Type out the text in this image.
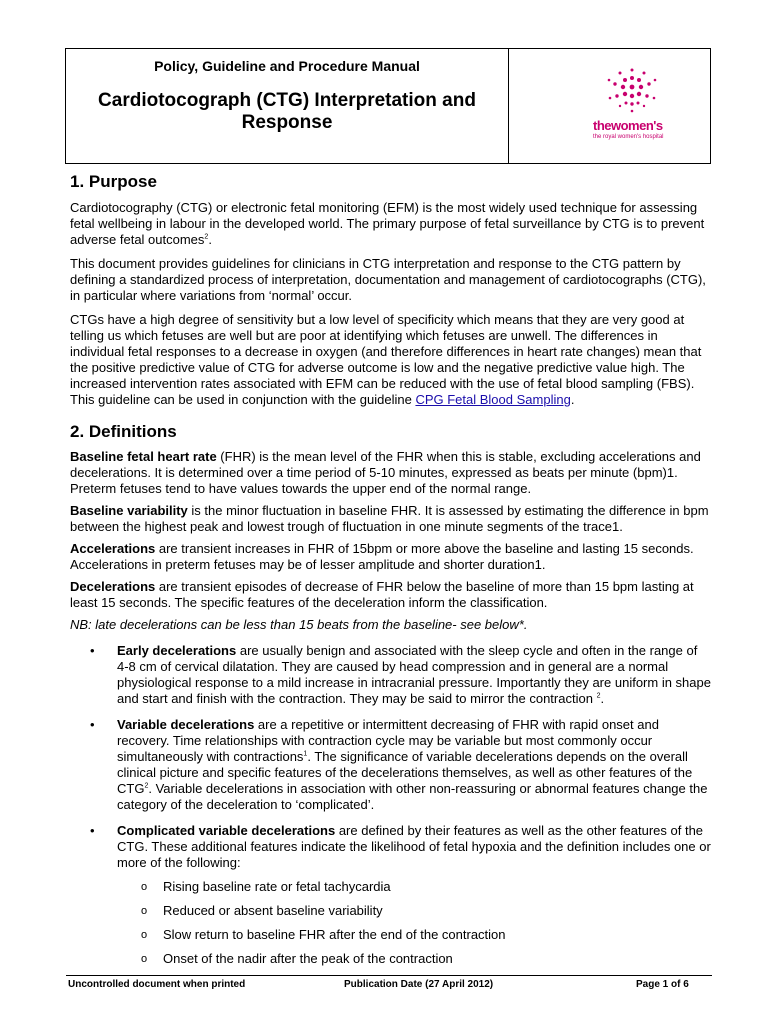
Policy, Guideline and Procedure Manual
Cardiotocograph (CTG) Interpretation and
Response	thewomen's
the royal women's hospital
1. Purpose

Cardiotocography (CTG) or electronic fetal monitoring (EFM) is the most widely used technique for assessing fetal wellbeing in labour in the developed world. The primary purpose of fetal surveillance by CTG is to prevent adverse fetal outcomes$^2$.

This document provides guidelines for clinicians in CTG interpretation and response to the CTG pattern by defining a standardized process of interpretation, documentation and management of cardiotocographs (CTG), in particular where variations from ‘normal’ occur.

CTGs have a high degree of sensitivity but a low level of specificity which means that they are very good at telling us which fetuses are well but are poor at identifying which fetuses are unwell. The differences in individual fetal responses to a decrease in oxygen (and therefore differences in heart rate changes) mean that the positive predictive value of CTG for adverse outcome is low and the negative predictive value high. The increased intervention rates associated with EFM can be reduced with the use of fetal blood sampling (FBS). This guideline can be used in conjunction with the guideline CPG Fetal Blood Sampling.

2. Definitions

Baseline fetal heart rate (FHR) is the mean level of the FHR when this is stable, excluding accelerations and decelerations. It is determined over a time period of 5-10 minutes, expressed as beats per minute (bpm)1. Preterm fetuses tend to have values towards the upper end of the normal range.

Baseline variability is the minor fluctuation in baseline FHR. It is assessed by estimating the difference in bpm between the highest peak and lowest trough of fluctuation in one minute segments of the trace1.

Accelerations are transient increases in FHR of 15bpm or more above the baseline and lasting 15 seconds. Accelerations in preterm fetuses may be of lesser amplitude and shorter duration1.

Decelerations are transient episodes of decrease of FHR below the baseline of more than 15 bpm lasting at least 15 seconds. The specific features of the deceleration inform the classification.

NB: late decelerations can be less than 15 beats from the baseline- see below*.

• Early decelerations are usually benign and associated with the sleep cycle and often in the range of 4-8 cm of cervical dilatation. They are caused by head compression and in general are a normal physiological response to a mild increase in intracranial pressure. Importantly they are uniform in shape and start and finish with the contraction. They may be said to mirror the contraction $^2$.
• Variable decelerations are a repetitive or intermittent decreasing of FHR with rapid onset and recovery. Time relationships with contraction cycle may be variable but most commonly occur simultaneously with contractions$^1$. The significance of variable decelerations depends on the overall clinical picture and specific features of the decelerations themselves, as well as other features of the CTG$^2$. Variable decelerations in association with other non-reassuring or abnormal features change the category of the deceleration to ‘complicated’.
• Complicated variable decelerations are defined by their features as well as the other features of the CTG. These additional features indicate the likelihood of fetal hypoxia and the definition includes one or more of the following:
o Rising baseline rate or fetal tachycardia
o Reduced or absent baseline variability
o Slow return to baseline FHR after the end of the contraction
o Onset of the nadir after the peak of the contraction
Uncontrolled document when printed	Publication Date (27 April 2012)	Page 1 of 6
